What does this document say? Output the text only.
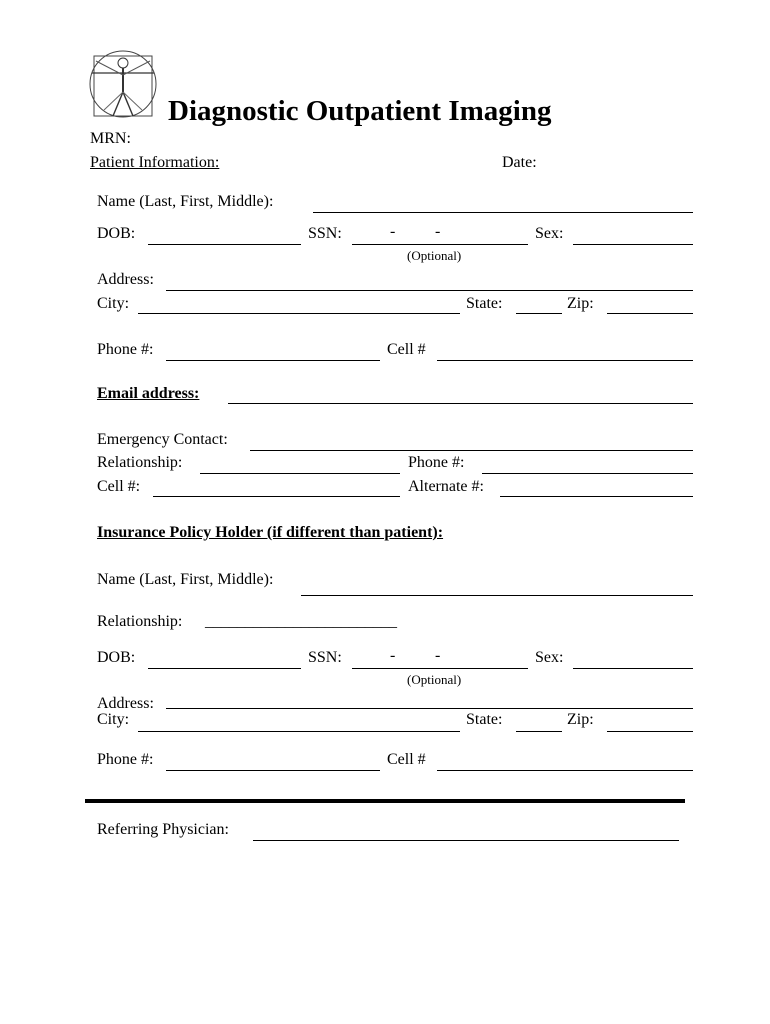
Diagnostic Outpatient Imaging
MRN:
Patient Information:	Date:
Name (Last, First, Middle):
DOB:	SSN:	- -	Sex:
(Optional)
Address:
City:	State:	Zip:
Phone #:	Cell #
Email address:
Emergency Contact:
Relationship:	Phone #:
Cell #:	Alternate #:
Insurance Policy Holder (if different than patient):
Name (Last, First, Middle):
Relationship: ________________________
DOB:	SSN:	- -	Sex:
(Optional)
Address:
City:	State:	Zip:
Phone #:	Cell #
Referring Physician:
